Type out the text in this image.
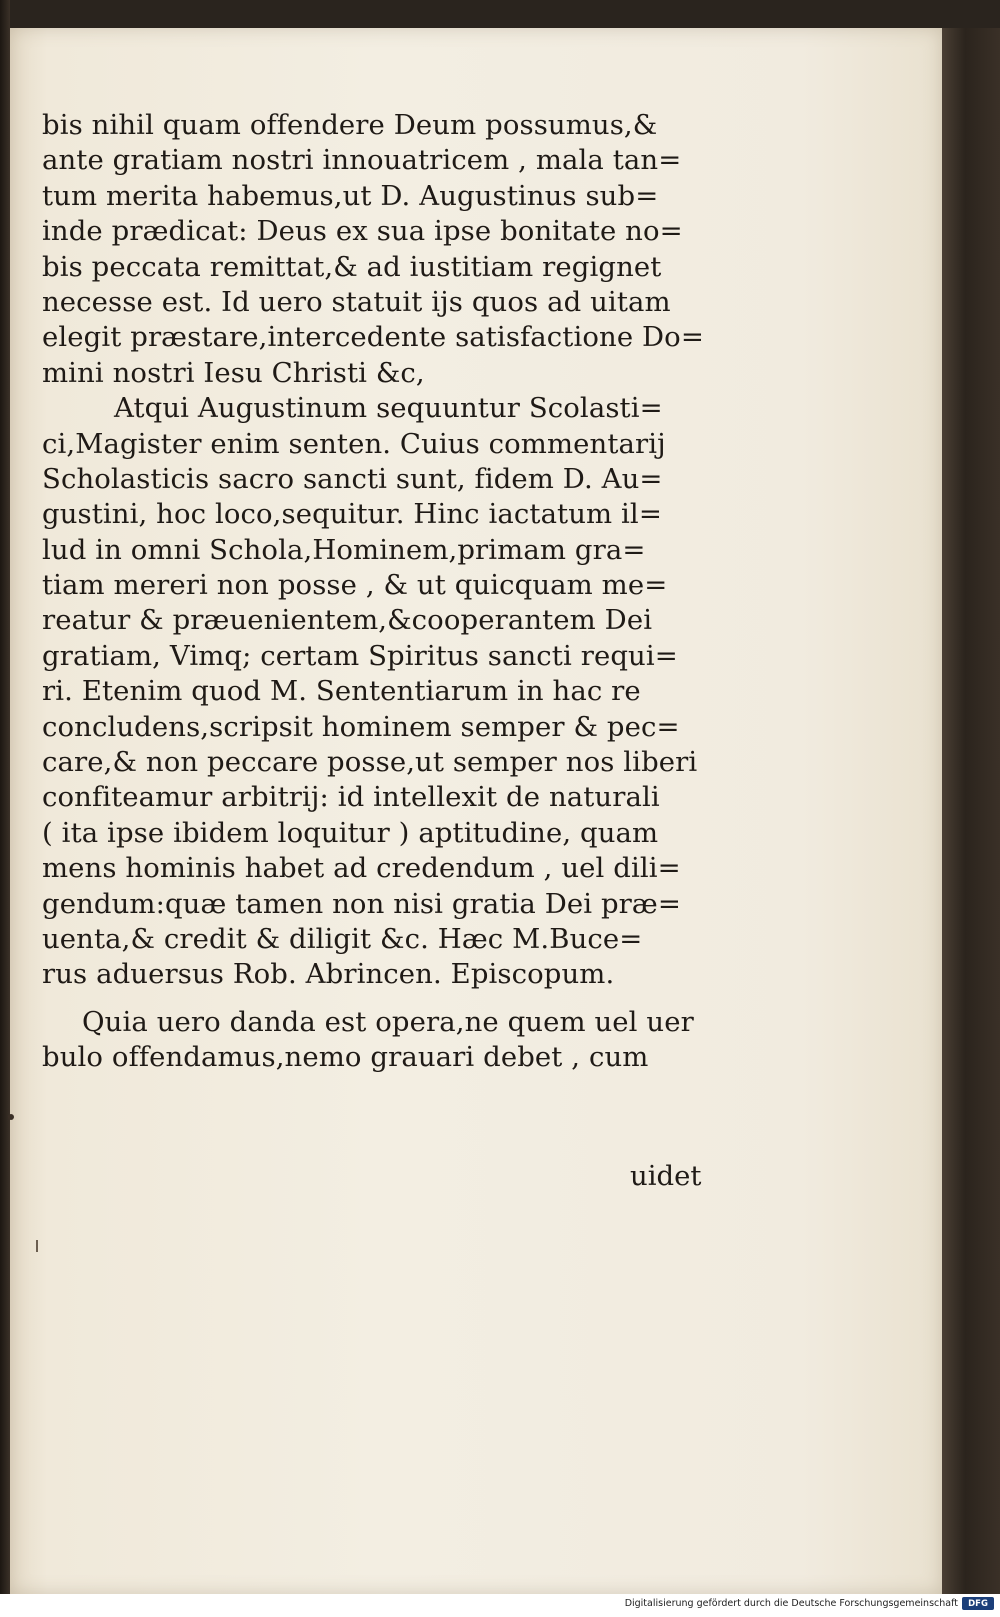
bis nihil quam offendere Deum possumus,&
ante gratiam nostri innouatricem , mala tan=
tum merita habemus,ut D. Augustinus sub=
inde prædicat: Deus ex sua ipse bonitate no=
bis peccata remittat,& ad iustitiam regignet
necesse est. Id uero statuit ijs quos ad uitam
elegit præstare,intercedente satisfactione Do=
mini nostri Iesu Christi &c,
Atqui Augustinum sequuntur Scolasti=
ci,Magister enim senten. Cuius commentarij
Scholasticis sacro sancti sunt, fidem D. Au=
gustini, hoc loco,sequitur. Hinc iactatum il=
lud in omni Schola,Hominem,primam gra=
tiam mereri non posse , & ut quicquam me=
reatur & præuenientem,&cooperantem Dei
gratiam, Vimq; certam Spiritus sancti requi=
ri. Etenim quod M. Sententiarum in hac re
concludens,scripsit hominem semper & pec=
care,& non peccare posse,ut semper nos liberi
confiteamur arbitrij: id intellexit de naturali
( ita ipse ibidem loquitur ) aptitudine, quam
mens hominis habet ad credendum , uel dili=
gendum:quæ tamen non nisi gratia Dei præ=
uenta,& credit & diligit &c. Hæc M.Buce=
rus aduersus Rob. Abrincen. Episcopum.
Quia uero danda est opera,ne quem uel uer
bulo offendamus,nemo grauari debet , cum
uidet
Digitalisierung gefördert durch die Deutsche Forschungsgemeinschaft	DFG
